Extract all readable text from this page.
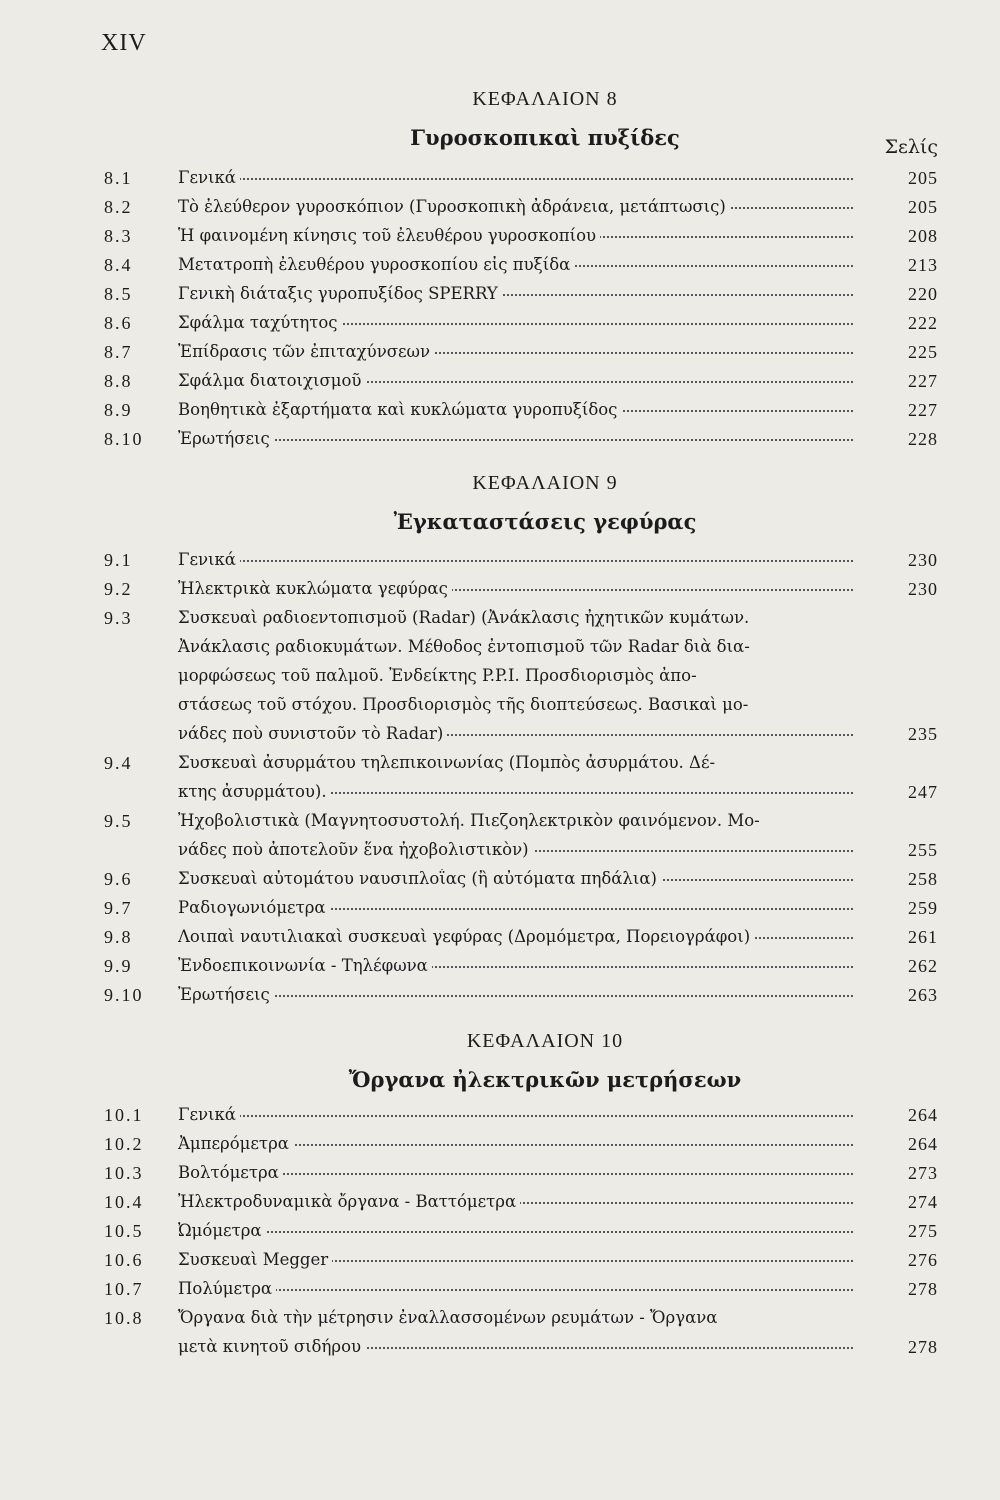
XIV
ΚΕΦΑΛΑΙΟΝ 8
Γυροσκοπικαὶ πυξίδες	Σελίς
8.1	Γενικά	205
8.2	Τὸ ἐλεύθερον γυροσκόπιον (Γυροσκοπικὴ ἀδράνεια, μετάπτωσις)	205
8.3	Ἡ φαινομένη κίνησις τοῦ ἐλευθέρου γυροσκοπίου	208
8.4	Μετατροπὴ ἐλευθέρου γυροσκοπίου εἰς πυξίδα	213
8.5	Γενικὴ διάταξις γυροπυξίδος SPERRY	220
8.6	Σφάλμα ταχύτητος	222
8.7	Ἐπίδρασις τῶν ἐπιταχύνσεων	225
8.8	Σφάλμα διατοιχισμοῦ	227
8.9	Βοηθητικὰ ἐξαρτήματα καὶ κυκλώματα γυροπυξίδος	227
8.10	Ἐρωτήσεις	228
ΚΕΦΑΛΑΙΟΝ 9
Ἐγκαταστάσεις γεφύρας
9.1	Γενικά	230
9.2	Ἠλεκτρικὰ κυκλώματα γεφύρας	230
9.3	Συσκευαὶ ραδιοεντοπισμοῦ (Radar) (Ἀνάκλασις ἠχητικῶν κυμάτων.
Ἀνάκλασις ραδιοκυμάτων. Μέθοδος ἐντοπισμοῦ τῶν Radar διὰ δια-
μορφώσεως τοῦ παλμοῦ. Ἐνδείκτης P.P.I. Προσδιορισμὸς ἀπο-
στάσεως τοῦ στόχου. Προσδιορισμὸς τῆς διοπτεύσεως. Βασικαὶ μο-
νάδες ποὺ συνιστοῦν τὸ Radar)	235
9.4	Συσκευαὶ ἀσυρμάτου τηλεπικοινωνίας (Πομπὸς ἀσυρμάτου. Δέ-
κτης ἀσυρμάτου).	247
9.5	Ἠχοβολιστικὰ (Μαγνητοσυστολή. Πιεζοηλεκτρικὸν φαινόμενον. Μο-
νάδες ποὺ ἀποτελοῦν ἕνα ἠχοβολιστικὸν)	255
9.6	Συσκευαὶ αὐτομάτου ναυσιπλοΐας (ἢ αὐτόματα πηδάλια)	258
9.7	Ραδιογωνιόμετρα	259
9.8	Λοιπαὶ ναυτιλιακαὶ συσκευαὶ γεφύρας (Δρομόμετρα, Πορειογράφοι)	261
9.9	Ἐνδοεπικοινωνία - Τηλέφωνα	262
9.10	Ἐρωτήσεις	263
ΚΕΦΑΛΑΙΟΝ 10
Ὄργανα ἠλεκτρικῶν μετρήσεων
10.1	Γενικά	264
10.2	Ἀμπερόμετρα	264
10.3	Βολτόμετρα	273
10.4	Ἠλεκτροδυναμικὰ ὄργανα - Βαττόμετρα	274
10.5	Ὠμόμετρα	275
10.6	Συσκευαὶ Megger	276
10.7	Πολύμετρα	278
10.8	Ὄργανα διὰ τὴν μέτρησιν ἐναλλασσομένων ρευμάτων - Ὄργανα
μετὰ κινητοῦ σιδήρου	278
